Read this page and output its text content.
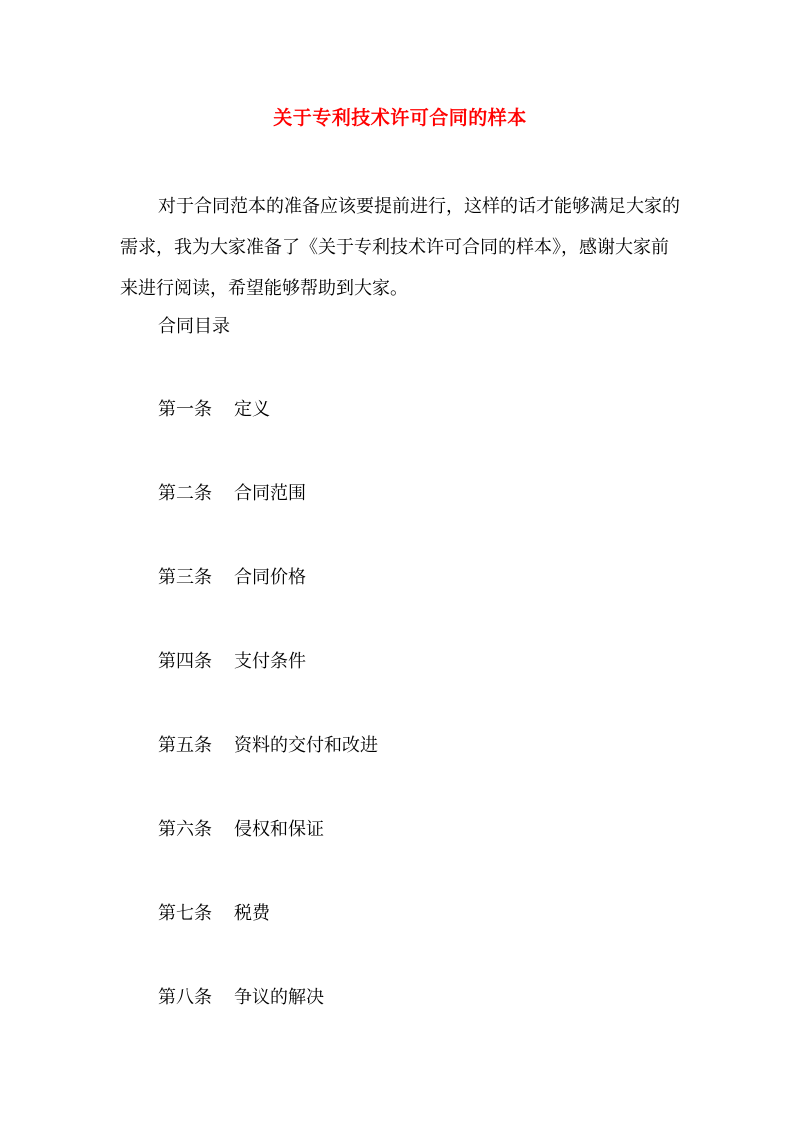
关于专利技术许可合同的样本

对于合同范本的准备应该要提前进行，这样的话才能够满足大家的需求，我为大家准备了《关于专利技术许可合同的样本》，感谢大家前来进行阅读，希望能够帮助到大家。

合同目录
第一条 定义
第二条 合同范围
第三条 合同价格
第四条 支付条件
第五条 资料的交付和改进
第六条 侵权和保证
第七条 税费
第八条 争议的解决
